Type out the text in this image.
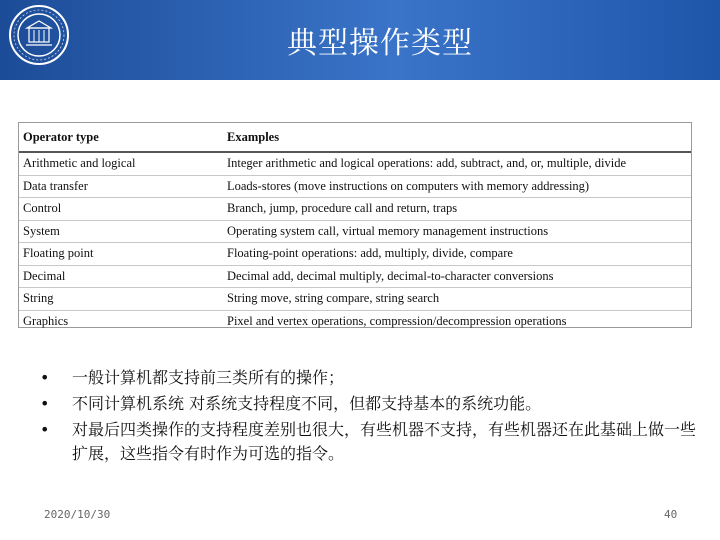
典型操作类型
Operator type	Examples
Arithmetic and logical	Integer arithmetic and logical operations: add, subtract, and, or, multiple, divide
Data transfer	Loads-stores (move instructions on computers with memory addressing)
Control	Branch, jump, procedure call and return, traps
System	Operating system call, virtual memory management instructions
Floating point	Floating-point operations: add, multiply, divide, compare
Decimal	Decimal add, decimal multiply, decimal-to-character conversions
String	String move, string compare, string search
Graphics	Pixel and vertex operations, compression/decompression operations
• 一般计算机都支持前三类所有的操作；
• 不同计算机系统 对系统支持程度不同，但都支持基本的系统功能。
• 对最后四类操作的支持程度差别也很大，有些机器不支持，有些机器还在此基础上做一些扩展，这些指令有时作为可选的指令。
2020/10/30	40
